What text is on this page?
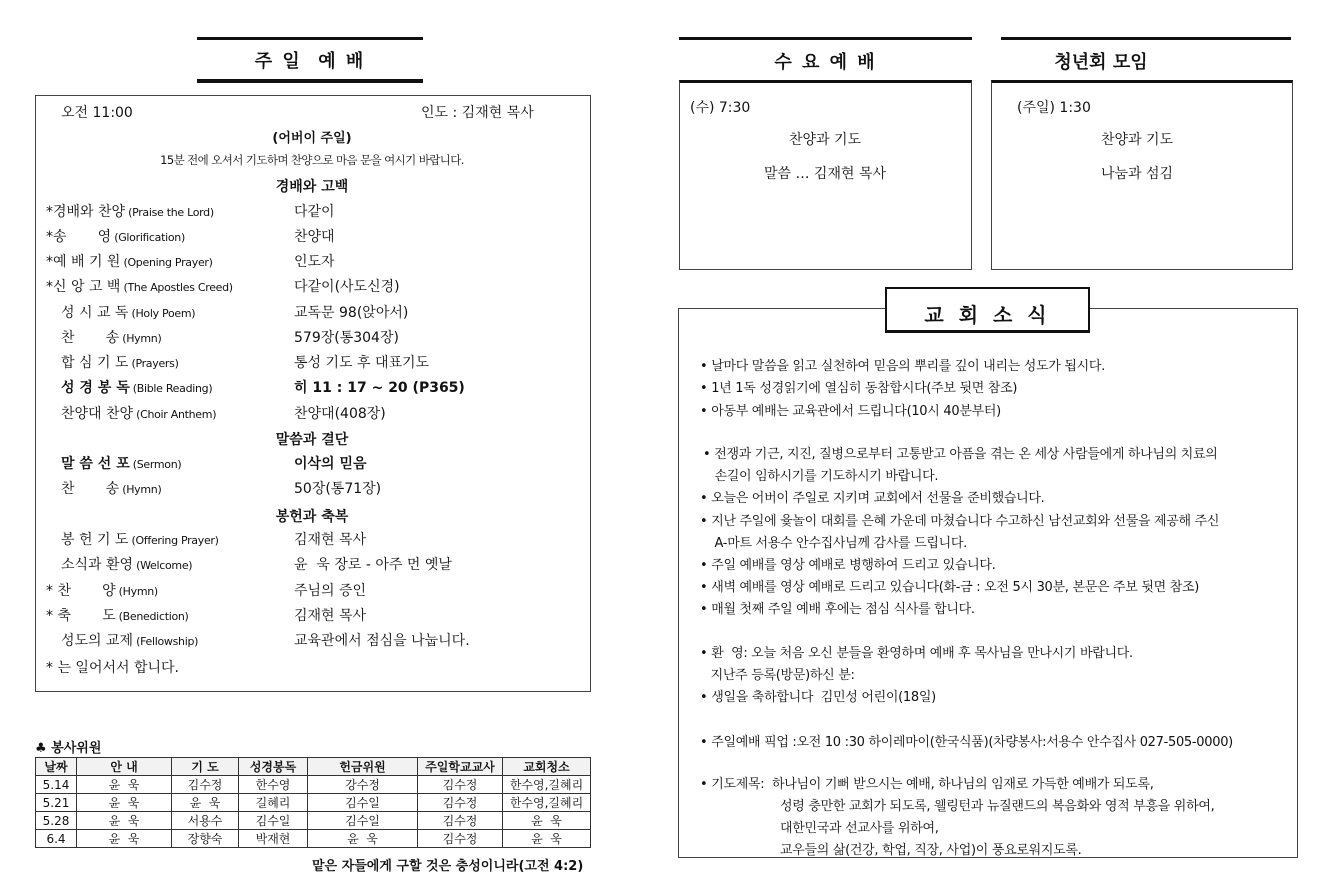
주 일  예 배
오전 11:00	인도 : 김재현 목사
(어버이 주일)
15분 전에 오셔서 기도하며 찬양으로 마음 문을 여시기 바랍니다.
경배와 고백
*경배와 찬양 (Praise the Lord)	다같이
*송       영 (Glorification)	찬양대
*예 배 기 원 (Opening Prayer)	인도자
*신 앙 고 백 (The Apostles Creed)	다같이(사도신경)
성 시 교 독 (Holy Poem)	교독문 98(앉아서)
찬       송 (Hymn)	579장(통304장)
합 심 기 도 (Prayers)	통성 기도 후 대표기도
성 경 봉 독 (Bible Reading)	히 11 : 17 ~ 20 (P365)
찬양대 찬양 (Choir Anthem)	찬양대(408장)
말 씀 선 포 (Sermon)	이삭의 믿음
찬       송 (Hymn)	50장(통71장)
봉 헌 기 도 (Offering Prayer)	김재현 목사
소식과 환영 (Welcome)	윤  욱 장로 - 아주 먼 옛날
* 찬       양 (Hymn)	주님의 증인
* 축       도 (Benediction)	김재현 목사
성도의 교제 (Fellowship)	교육관에서 점심을 나눕니다.
말씀과 결단
봉헌과 축복
* 는 일어서서 합니다.
♣ 봉사위원
날짜	안 내	기 도	성경봉독	헌금위원	주일학교교사	교회청소
5.14	윤  욱	김수정	한수영	강수정	김수정	한수영,길혜리
5.21	윤  욱	윤  욱	길혜리	김수일	김수정	한수영,길혜리
5.28	윤  욱	서용수	김수일	김수일	김수정	윤  욱
6.4	윤  욱	장향숙	박재현	윤  욱	김수정	윤  욱
맡은 자들에게 구할 것은 충성이니라(고전 4:2)
수 요 예 배
(수) 7:30
찬양과 기도
말씀 … 김재현 목사
청년회 모임
(주일) 1:30
찬양과 기도
나눔과 섬김
교 회 소 식
• 날마다 말씀을 읽고 실천하여 믿음의 뿌리를 깊이 내리는 성도가 됩시다.
• 1년 1독 성경읽기에 열심히 동참합시다(주보 뒷면 참조)
• 아동부 예배는 교육관에서 드립니다(10시 40분부터)
• 전쟁과 기근, 지진, 질병으로부터 고통받고 아픔을 겪는 온 세상 사람들에게 하나님의 치료의
손길이 임하시기를 기도하시기 바랍니다.
• 오늘은 어버이 주일로 지키며 교회에서 선물을 준비했습니다.
• 지난 주일에 윷놀이 대회를 은혜 가운데 마쳤습니다 수고하신 남선교회와 선물을 제공해 주신
A-마트 서용수 안수집사님께 감사를 드립니다.
• 주일 예배를 영상 예배로 병행하여 드리고 있습니다.
• 새벽 예배를 영상 예배로 드리고 있습니다(화-금 : 오전 5시 30분, 본문은 주보 뒷면 참조)
• 매월 첫째 주일 예배 후에는 점심 식사를 합니다.
• 환  영: 오늘 처음 오신 분들을 환영하며 예배 후 목사님을 만나시기 바랍니다.
지난주 등록(방문)하신 분:
• 생일을 축하합니다  김민성 어린이(18일)
• 주일예배 픽업 :오전 10 :30 하이레마이(한국식품)(차량봉사:서용수 안수집사 027-505-0000)
• 기도제목:  하나님이 기뻐 받으시는 예배, 하나님의 임재로 가득한 예배가 되도록,
성령 충만한 교회가 되도록, 웰링턴과 뉴질랜드의 복음화와 영적 부흥을 위하여,
대한민국과 선교사를 위하여,
교우들의 삶(건강, 학업, 직장, 사업)이 풍요로워지도록.
